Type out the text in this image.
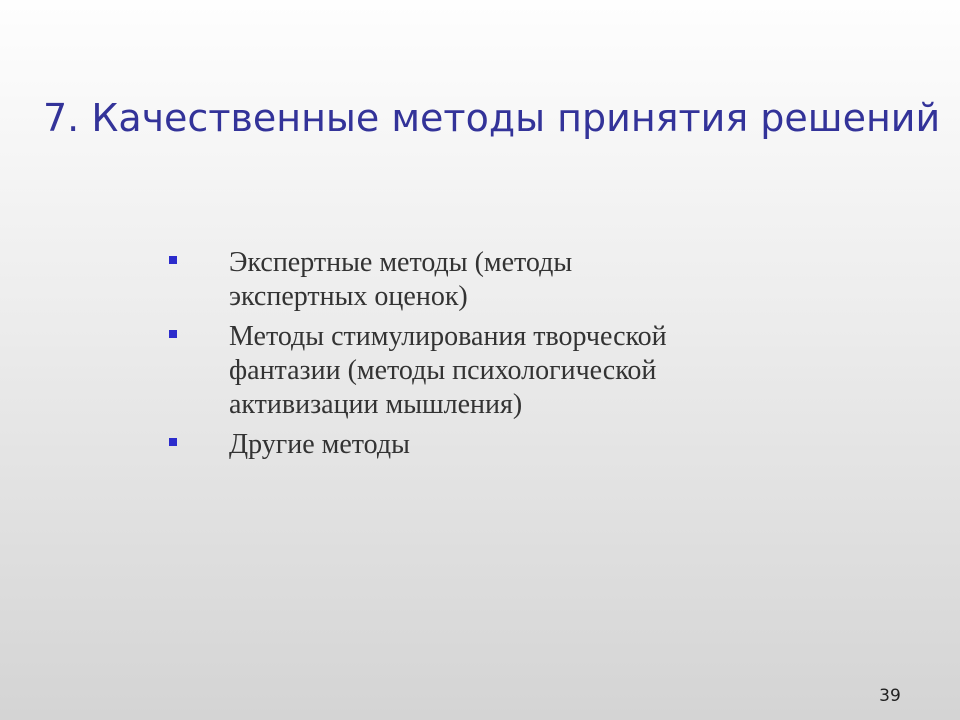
7. Качественные методы принятия решений
Экспертные методы (методы экспертных оценок)
Методы стимулирования творческой фантазии (методы психологической активизации мышления)
Другие методы
39
